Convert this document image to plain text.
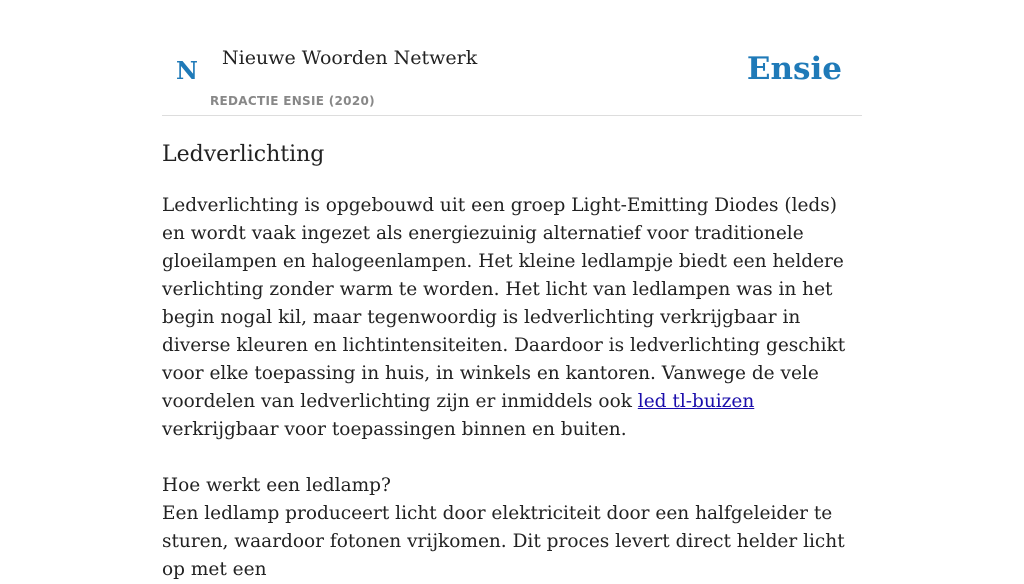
N Nieuwe Woorden Netwerk
REDACTIE ENSIE (2020)
Ensie
Ledverlichting

Ledverlichting is opgebouwd uit een groep Light-Emitting Diodes (leds) en wordt vaak ingezet als energiezuinig alternatief voor traditionele gloeilampen en halogeenlampen. Het kleine ledlampje biedt een heldere verlichting zonder warm te worden. Het licht van ledlampen was in het begin nogal kil, maar tegenwoordig is ledverlichting verkrijgbaar in diverse kleuren en lichtintensiteiten. Daardoor is ledverlichting geschikt voor elke toepassing in huis, in winkels en kantoren. Vanwege de vele voordelen van ledverlichting zijn er inmiddels ook led tl-buizen verkrijgbaar voor toepassingen binnen en buiten.

Hoe werkt een ledlamp?

Een ledlamp produceert licht door elektriciteit door een halfgeleider te sturen, waardoor fotonen vrijkomen. Dit proces levert direct helder licht op met een
